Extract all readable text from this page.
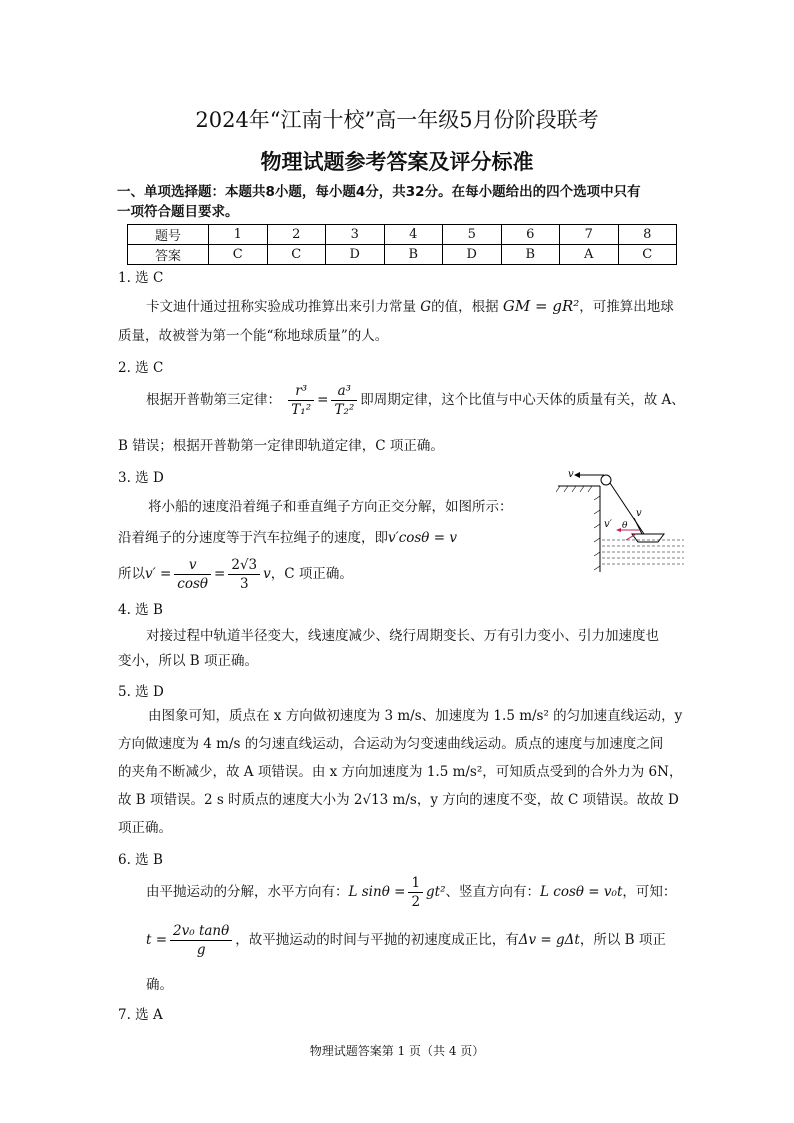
2024年“江南十校”高一年级5月份阶段联考
物理试题参考答案及评分标准
一、单项选择题：本题共8小题，每小题4分，共32分。在每小题给出的四个选项中只有
一项符合题目要求。
题号	1	2	3	4	5	6	7	8
答案	C	C	D	B	D	B	A	C
1. 选 C
卡文迪什通过扭称实验成功推算出来引力常量 G的值，根据 GM = gR²，可推算出地球
质量，故被誉为第一个能“称地球质量”的人。
2. 选 C
根据开普勒第三定律： $\frac{\text{r³}}{\text{T₁²}} = \frac{\text{a³}}{\text{T₂²}}$ 即周期定律，这个比值与中心天体的质量有关，故 A、
B 错误；根据开普勒第一定律即轨道定律，C 项正确。
3. 选 D
将小船的速度沿着绳子和垂直绳子方向正交分解，如图所示：
沿着绳子的分速度等于汽车拉绳子的速度，即v′cosθ = v
所以$v' = \frac{v}{\cos\theta} = \frac{2√3}{3}$ v，C 项正确。
v
v
v′ θ
4. 选 B
对接过程中轨道半径变大，线速度减少、绕行周期变长、万有引力变小、引力加速度也
变小，所以 B 项正确。
5. 选 D
由图象可知，质点在 x 方向做初速度为 3 m/s、加速度为 1.5 m/s² 的匀加速直线运动，y
方向做速度为 4 m/s 的匀速直线运动，合运动为匀变速曲线运动。质点的速度与加速度之间
的夹角不断减少，故 A 项错误。由 x 方向加速度为 1.5 m/s²，可知质点受到的合外力为 6N，
故 B 项错误。2 s 时质点的速度大小为 2√13 m/s，y 方向的速度不变，故 C 项错误。故故 D
项正确。
6. 选 B
由平抛运动的分解，水平方向有：L $\sin\theta = \frac{1}{2} gt^2$、竖直方向有：L cosθ = v₀t，可知：
$t = \frac{\text{2v₀ tanθ}}{g}$ ，故平抛运动的时间与平抛的初速度成正比，有Δv = gΔt，所以 B 项正
确。
7. 选 A
物理试题答案第 1 页（共 4 页）
